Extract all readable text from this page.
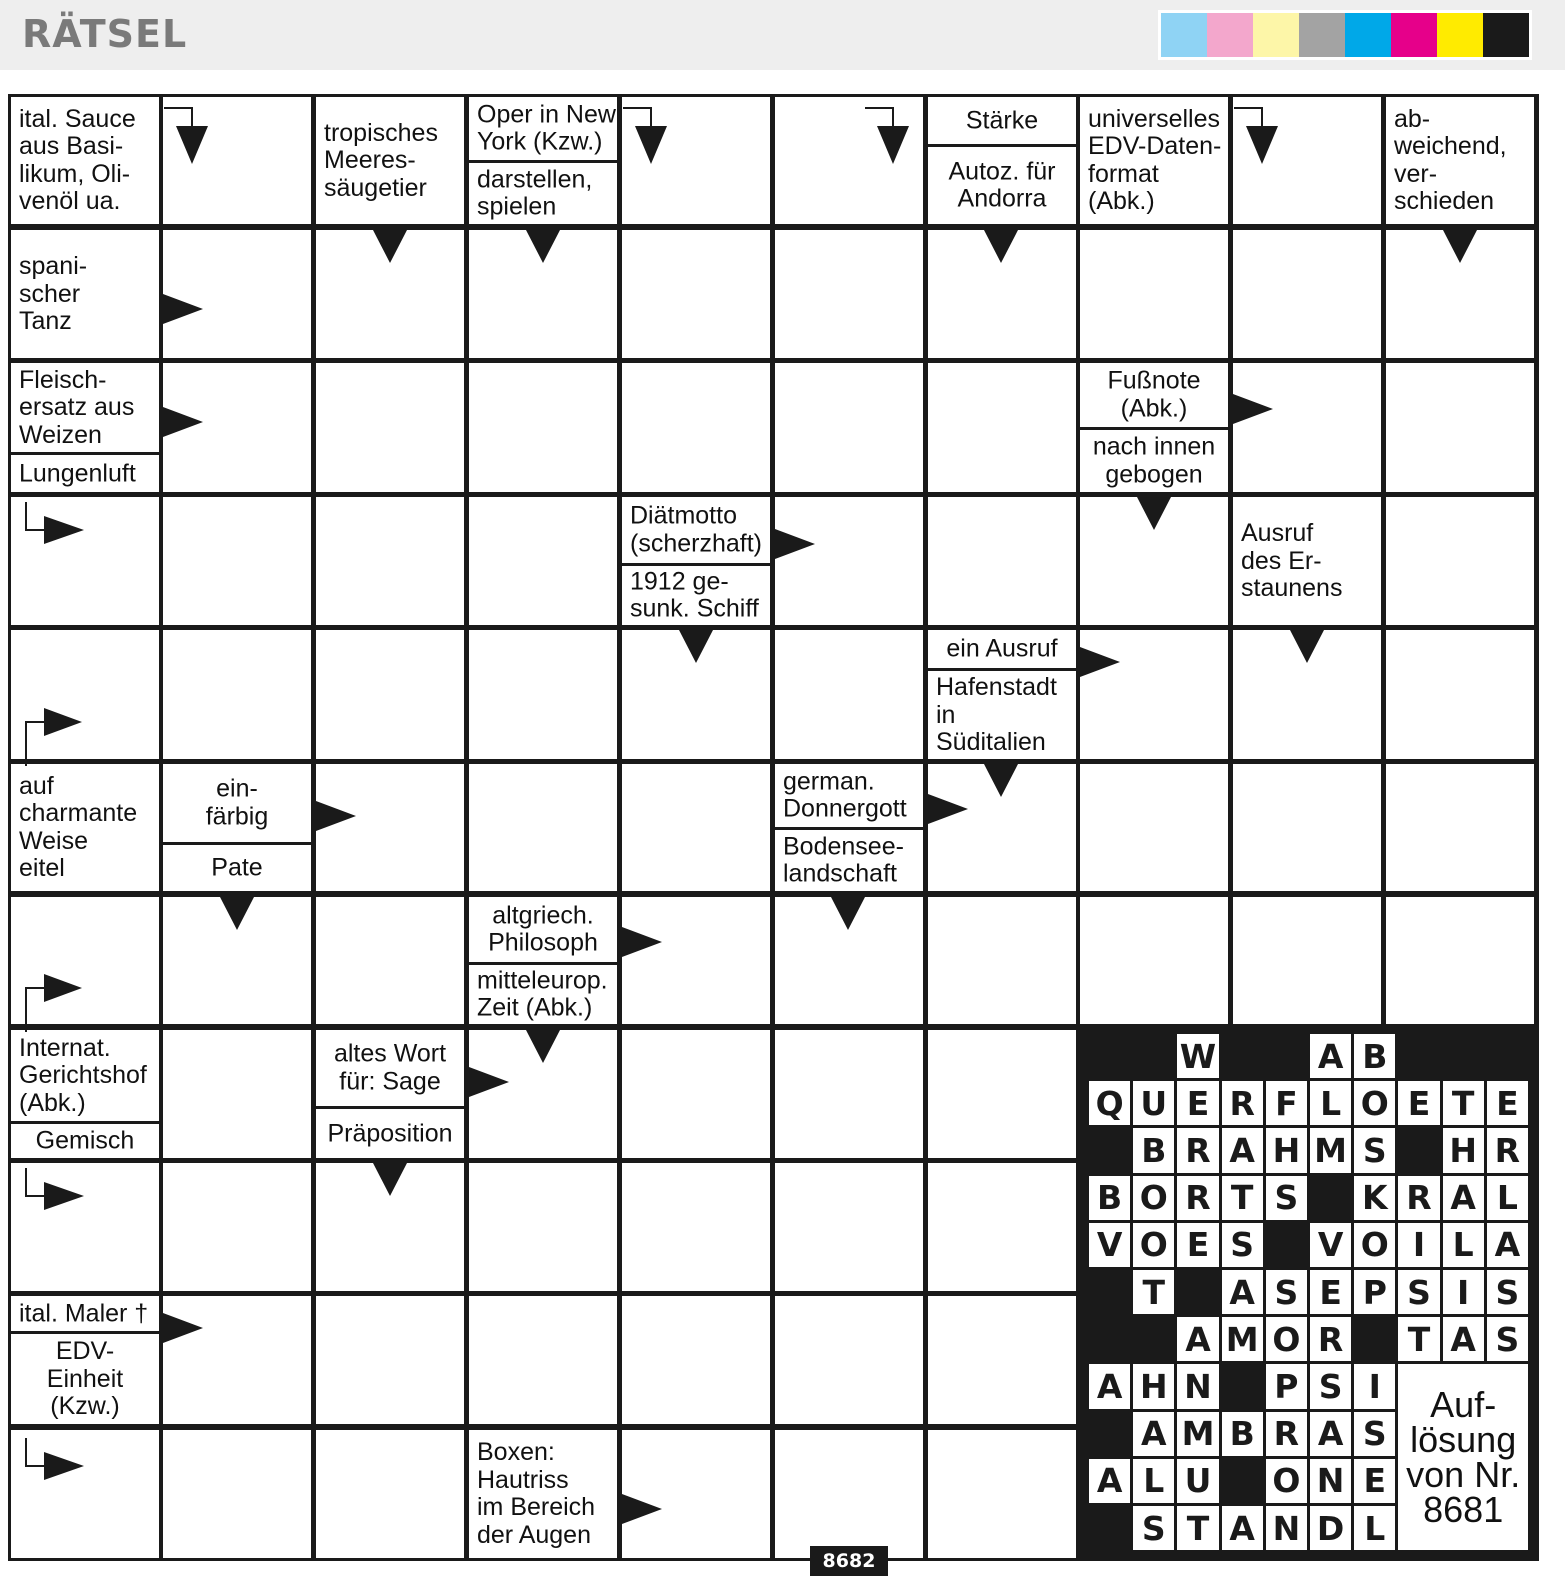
RÄTSEL
ital. Sauce
aus Basi-
likum, Oli-
venöl ua.
tropisches
Meeres-
säugetier
Oper in New
York (Kzw.)
darstellen,
spielen
Stärke
Autoz. für
Andorra
universelles
EDV-Daten-
format
(Abk.)
ab-
weichend,
ver-
schieden
spani-
scher
Tanz
Fleisch-
ersatz aus
Weizen
Lungenluft
Fußnote
(Abk.)
nach innen
gebogen
Diätmotto
(scherzhaft)
1912 ge-
sunk. Schiff
Ausruf
des Er-
staunens
ein Ausruf
Hafenstadt
in
Süditalien
auf
charmante
Weise
eitel
ein-
färbig
Pate
german.
Donnergott
Bodensee-
landschaft
altgriech.
Philosoph
mitteleurop.
Zeit (Abk.)
Internat.
Gerichtshof
(Abk.)
Gemisch
altes Wort
für: Sage
Präposition
ital. Maler †
EDV-
Einheit
(Kzw.)
Boxen:
Hautriss
im Bereich
der Augen
W	A B
Q U E R F L O E T E
B R A H M S H R
B O R T S K R A L
V O E S V O I L A
T A S E P S I S
A M O R T A S
A H N P S I
A M B R A S
A L U O N E
S T A N D L
Auf-
lösung
von Nr.
8681
8682
